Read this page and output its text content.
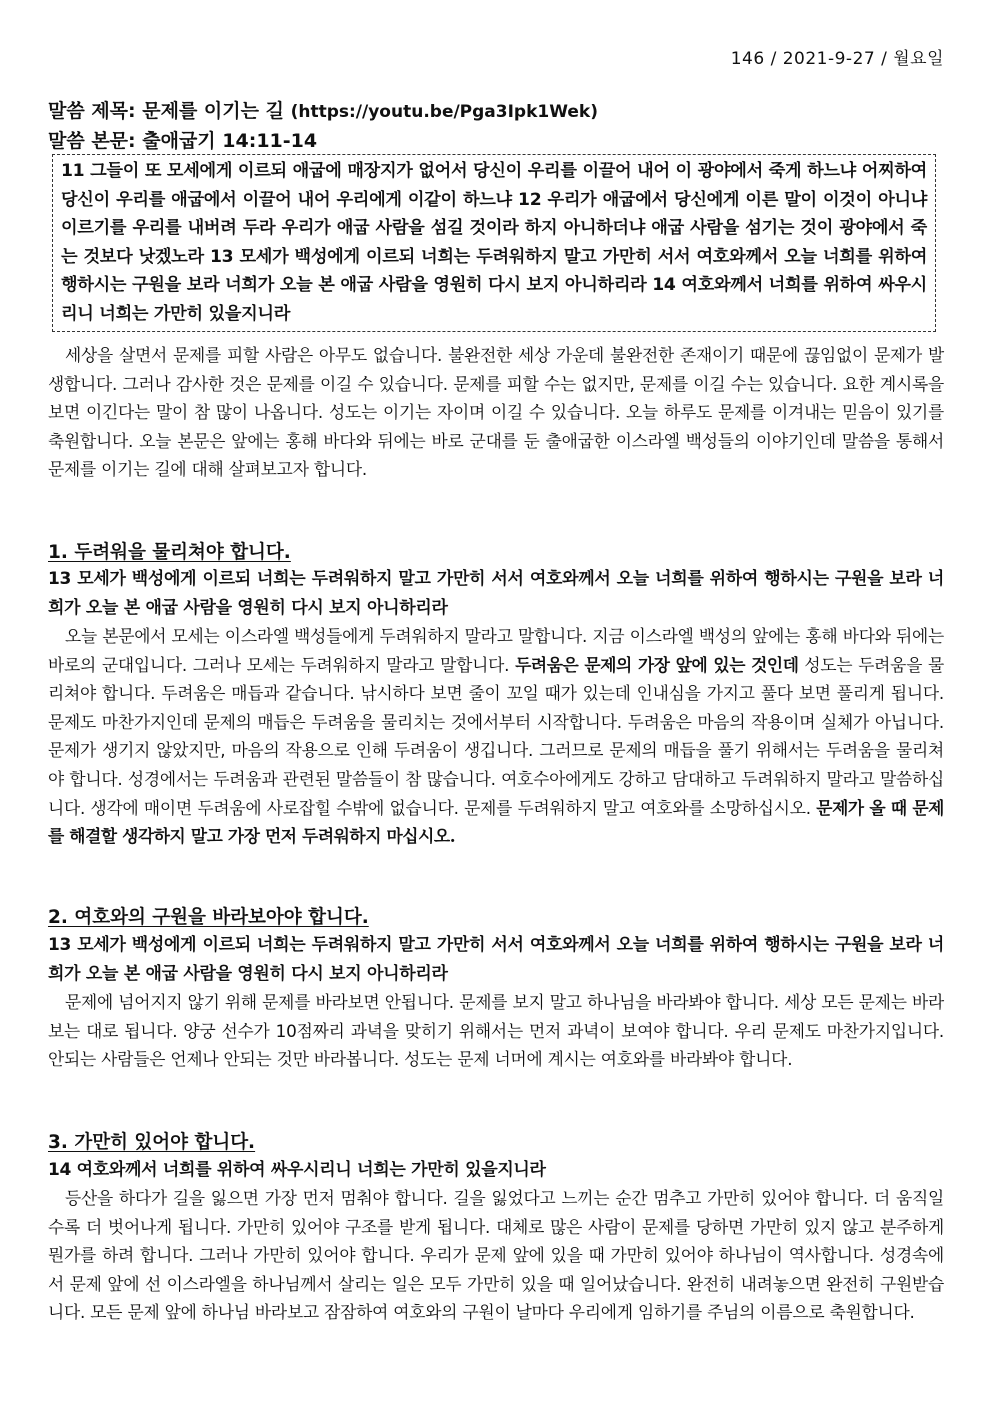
146 / 2021-9-27 / 월요일
말씀 제목: 문제를 이기는 길 (https://youtu.be/Pga3Ipk1Wek)
말씀 본문: 출애굽기 14:11-14
11 그들이 또 모세에게 이르되 애굽에 매장지가 없어서 당신이 우리를 이끌어 내어 이 광야에서 죽게 하느냐 어찌하여 당신이 우리를 애굽에서 이끌어 내어 우리에게 이같이 하느냐 12 우리가 애굽에서 당신에게 이른 말이 이것이 아니냐 이르기를 우리를 내버려 두라 우리가 애굽 사람을 섬길 것이라 하지 아니하더냐 애굽 사람을 섬기는 것이 광야에서 죽는 것보다 낫겠노라 13 모세가 백성에게 이르되 너희는 두려워하지 말고 가만히 서서 여호와께서 오늘 너희를 위하여 행하시는 구원을 보라 너희가 오늘 본 애굽 사람을 영원히 다시 보지 아니하리라 14 여호와께서 너희를 위하여 싸우시리니 너희는 가만히 있을지니라
세상을 살면서 문제를 피할 사람은 아무도 없습니다. 불완전한 세상 가운데 불완전한 존재이기 때문에 끊임없이 문제가 발생합니다. 그러나 감사한 것은 문제를 이길 수 있습니다. 문제를 피할 수는 없지만, 문제를 이길 수는 있습니다. 요한 계시록을 보면 이긴다는 말이 참 많이 나옵니다. 성도는 이기는 자이며 이길 수 있습니다. 오늘 하루도 문제를 이겨내는 믿음이 있기를 축원합니다. 오늘 본문은 앞에는 홍해 바다와 뒤에는 바로 군대를 둔 출애굽한 이스라엘 백성들의 이야기인데 말씀을 통해서 문제를 이기는 길에 대해 살펴보고자 합니다.
1. 두려워을 물리쳐야 합니다.
13 모세가 백성에게 이르되 너희는 두려워하지 말고 가만히 서서 여호와께서 오늘 너희를 위하여 행하시는 구원을 보라 너희가 오늘 본 애굽 사람을 영원히 다시 보지 아니하리라
오늘 본문에서 모세는 이스라엘 백성들에게 두려워하지 말라고 말합니다. 지금 이스라엘 백성의 앞에는 홍해 바다와 뒤에는 바로의 군대입니다. 그러나 모세는 두려워하지 말라고 말합니다. 두려움은 문제의 가장 앞에 있는 것인데 성도는 두려움을 물리쳐야 합니다. 두려움은 매듭과 같습니다. 낚시하다 보면 줄이 꼬일 때가 있는데 인내심을 가지고 풀다 보면 풀리게 됩니다. 문제도 마찬가지인데 문제의 매듭은 두려움을 물리치는 것에서부터 시작합니다. 두려움은 마음의 작용이며 실체가 아닙니다. 문제가 생기지 않았지만, 마음의 작용으로 인해 두려움이 생깁니다. 그러므로 문제의 매듭을 풀기 위해서는 두려움을 물리쳐야 합니다. 성경에서는 두려움과 관련된 말씀들이 참 많습니다. 여호수아에게도 강하고 담대하고 두려워하지 말라고 말씀하십니다. 생각에 매이면 두려움에 사로잡힐 수밖에 없습니다. 문제를 두려워하지 말고 여호와를 소망하십시오. 문제가 올 때 문제를 해결할 생각하지 말고 가장 먼저 두려워하지 마십시오.
2. 여호와의 구원을 바라보아야 합니다.
13 모세가 백성에게 이르되 너희는 두려워하지 말고 가만히 서서 여호와께서 오늘 너희를 위하여 행하시는 구원을 보라 너희가 오늘 본 애굽 사람을 영원히 다시 보지 아니하리라
문제에 넘어지지 않기 위해 문제를 바라보면 안됩니다. 문제를 보지 말고 하나님을 바라봐야 합니다. 세상 모든 문제는 바라보는 대로 됩니다. 양궁 선수가 10점짜리 과녁을 맞히기 위해서는 먼저 과녁이 보여야 합니다. 우리 문제도 마찬가지입니다. 안되는 사람들은 언제나 안되는 것만 바라봅니다. 성도는 문제 너머에 계시는 여호와를 바라봐야 합니다.
3. 가만히 있어야 합니다.
14 여호와께서 너희를 위하여 싸우시리니 너희는 가만히 있을지니라
등산을 하다가 길을 잃으면 가장 먼저 멈춰야 합니다. 길을 잃었다고 느끼는 순간 멈추고 가만히 있어야 합니다. 더 움직일수록 더 벗어나게 됩니다. 가만히 있어야 구조를 받게 됩니다. 대체로 많은 사람이 문제를 당하면 가만히 있지 않고 분주하게 뭔가를 하려 합니다. 그러나 가만히 있어야 합니다. 우리가 문제 앞에 있을 때 가만히 있어야 하나님이 역사합니다. 성경속에서 문제 앞에 선 이스라엘을 하나님께서 살리는 일은 모두 가만히 있을 때 일어났습니다. 완전히 내려놓으면 완전히 구원받습니다. 모든 문제 앞에 하나님 바라보고 잠잠하여 여호와의 구원이 날마다 우리에게 임하기를 주님의 이름으로 축원합니다.
